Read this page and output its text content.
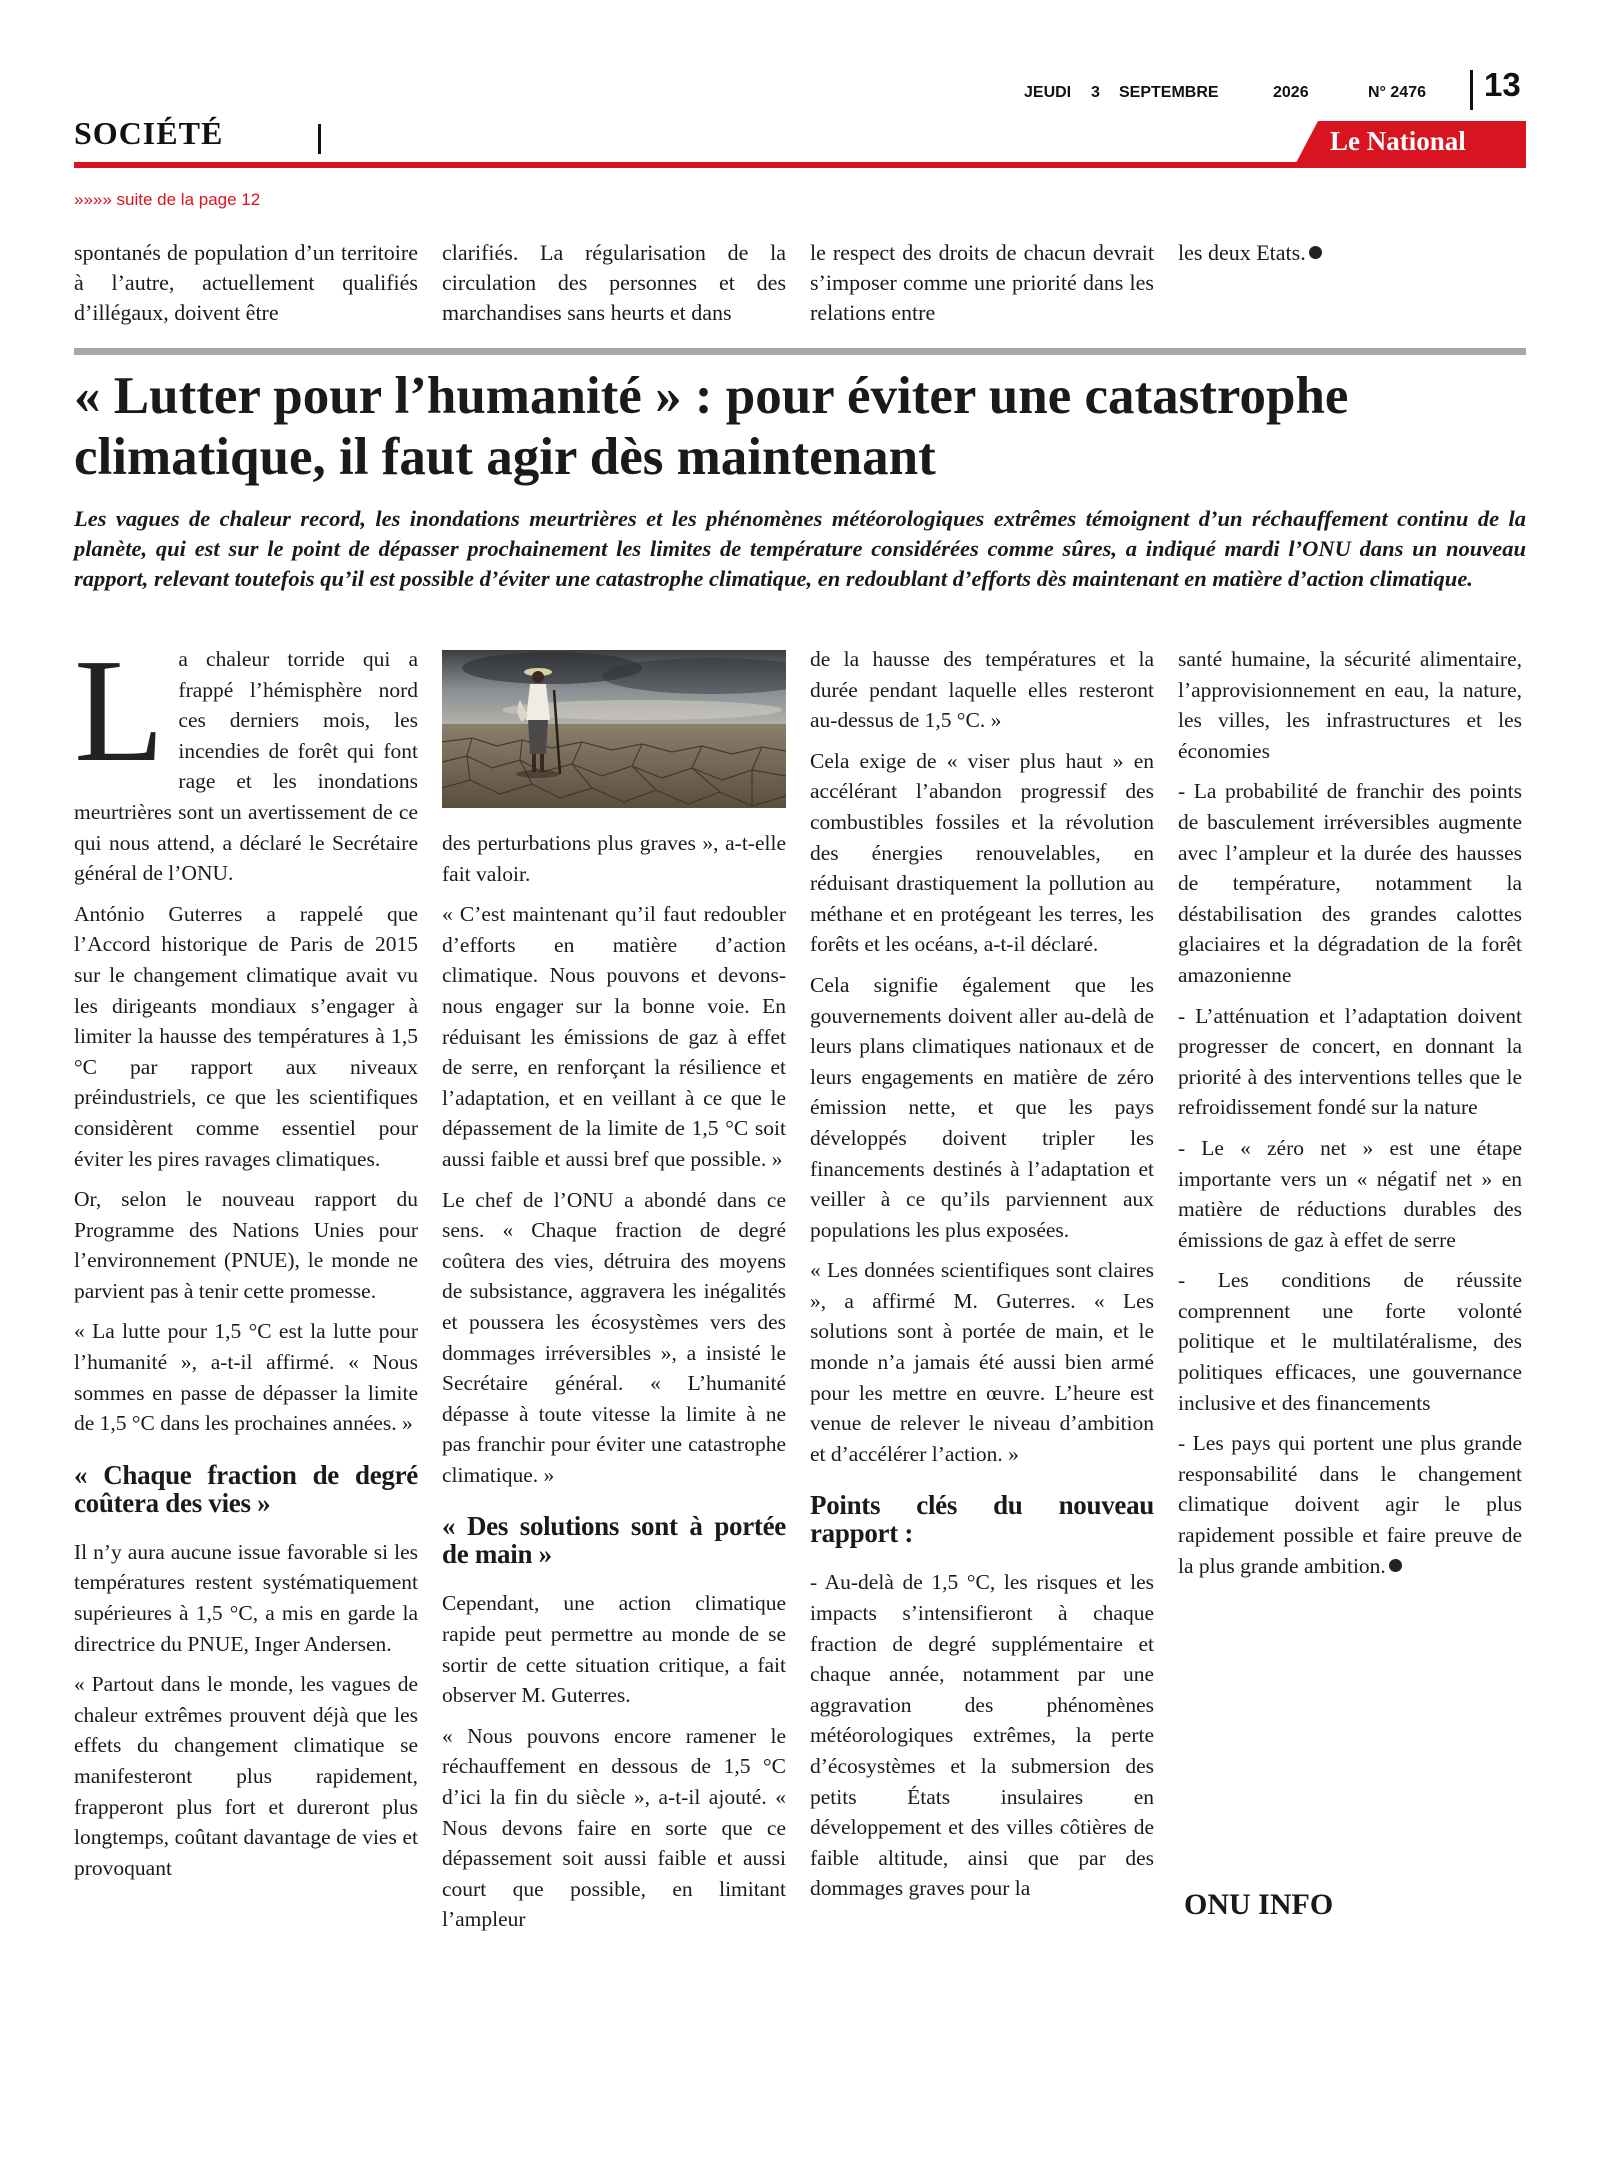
JEUDI 3 SEPTEMBRE	2026	N° 2476 13
SOCIÉTÉ	Le National
»»»» suite de la page 12

spontanés de population d’un territoire à l’autre, actuellement qualifiés d’illégaux, doivent être

clarifiés. La régularisation de la circulation des personnes et des marchandises sans heurts et dans

le respect des droits de chacun devrait s’imposer comme une priorité dans les relations entre

les deux Etats.

« Lutter pour l’humanité » : pour éviter une catastrophe climatique, il faut agir dès maintenant

Les vagues de chaleur record, les inondations meurtrières et les phénomènes météorologiques extrêmes témoignent d’un réchauffement continu de la planète, qui est sur le point de dépasser prochainement les limites de température considérées comme sûres, a indiqué mardi l’ONU dans un nouveau rapport, relevant toutefois qu’il est possible d’éviter une catastrophe climatique, en redoublant d’efforts dès maintenant en matière d’action climatique.

La chaleur torride qui a frappé l’hémisphère nord ces derniers mois, les incendies de forêt qui font rage et les inondations meurtrières sont un avertissement de ce qui nous attend, a déclaré le Secrétaire général de l’ONU.

António Guterres a rappelé que l’Accord historique de Paris de 2015 sur le changement climatique avait vu les dirigeants mondiaux s’engager à limiter la hausse des températures à 1,5 °C par rapport aux niveaux préindustriels, ce que les scientifiques considèrent comme essentiel pour éviter les pires ravages climatiques.

Or, selon le nouveau rapport du Programme des Nations Unies pour l’environnement (PNUE), le monde ne parvient pas à tenir cette promesse.

« La lutte pour 1,5 °C est la lutte pour l’humanité », a-t-il affirmé. « Nous sommes en passe de dépasser la limite de 1,5 °C dans les prochaines années. »

« Chaque fraction de degré coûtera des vies »

Il n’y aura aucune issue favorable si les températures restent systématiquement supérieures à 1,5 °C, a mis en garde la directrice du PNUE, Inger Andersen.

« Partout dans le monde, les vagues de chaleur extrêmes prouvent déjà que les effets du changement climatique se manifesteront plus rapidement, frapperont plus fort et dureront plus longtemps, coûtant davantage de vies et provoquant

des perturbations plus graves », a-t-elle fait valoir.

« C’est maintenant qu’il faut redoubler d’efforts en matière d’action climatique. Nous pouvons et devons-nous engager sur la bonne voie. En réduisant les émissions de gaz à effet de serre, en renforçant la résilience et l’adaptation, et en veillant à ce que le dépassement de la limite de 1,5 °C soit aussi faible et aussi bref que possible. »

Le chef de l’ONU a abondé dans ce sens. « Chaque fraction de degré coûtera des vies, détruira des moyens de subsistance, aggravera les inégalités et poussera les écosystèmes vers des dommages irréversibles », a insisté le Secrétaire général. « L’humanité dépasse à toute vitesse la limite à ne pas franchir pour éviter une catastrophe climatique. »

« Des solutions sont à portée de main »

Cependant, une action climatique rapide peut permettre au monde de se sortir de cette situation critique, a fait observer M. Guterres.

« Nous pouvons encore ramener le réchauffement en dessous de 1,5 °C d’ici la fin du siècle », a-t-il ajouté. « Nous devons faire en sorte que ce dépassement soit aussi faible et aussi court que possible, en limitant l’ampleur

de la hausse des températures et la durée pendant laquelle elles resteront au-dessus de 1,5 °C. »

Cela exige de « viser plus haut » en accélérant l’abandon progressif des combustibles fossiles et la révolution des énergies renouvelables, en réduisant drastiquement la pollution au méthane et en protégeant les terres, les forêts et les océans, a-t-il déclaré.

Cela signifie également que les gouvernements doivent aller au-delà de leurs plans climatiques nationaux et de leurs engagements en matière de zéro émission nette, et que les pays développés doivent tripler les financements destinés à l’adaptation et veiller à ce qu’ils parviennent aux populations les plus exposées.

« Les données scientifiques sont claires », a affirmé M. Guterres. « Les solutions sont à portée de main, et le monde n’a jamais été aussi bien armé pour les mettre en œuvre. L’heure est venue de relever le niveau d’ambition et d’accélérer l’action. »

Points clés du nouveau rapport :

- Au-delà de 1,5 °C, les risques et les impacts s’intensifieront à chaque fraction de degré supplémentaire et chaque année, notamment par une aggravation des phénomènes météorologiques extrêmes, la perte d’écosystèmes et la submersion des petits États insulaires en développement et des villes côtières de faible altitude, ainsi que par des dommages graves pour la

santé humaine, la sécurité alimentaire, l’approvisionnement en eau, la nature, les villes, les infrastructures et les économies

- La probabilité de franchir des points de basculement irréversibles augmente avec l’ampleur et la durée des hausses de température, notamment la déstabilisation des grandes calottes glaciaires et la dégradation de la forêt amazonienne

- L’atténuation et l’adaptation doivent progresser de concert, en donnant la priorité à des interventions telles que le refroidissement fondé sur la nature

- Le « zéro net » est une étape importante vers un « négatif net » en matière de réductions durables des émissions de gaz à effet de serre

- Les conditions de réussite comprennent une forte volonté politique et le multilatéralisme, des politiques efficaces, une gouvernance inclusive et des financements

- Les pays qui portent une plus grande responsabilité dans le changement climatique doivent agir le plus rapidement possible et faire preuve de la plus grande ambition.

ONU INFO
